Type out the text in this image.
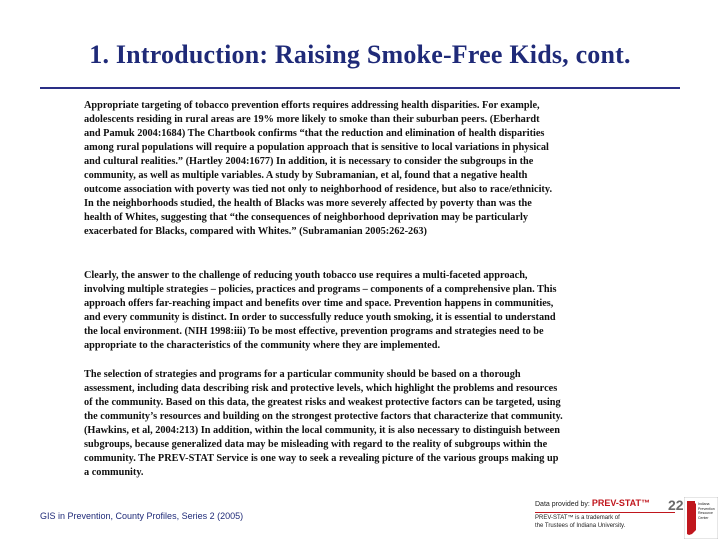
1. Introduction: Raising Smoke-Free Kids, cont.
Appropriate targeting of tobacco prevention efforts requires addressing health disparities. For example,
adolescents residing in rural areas are 19% more likely to smoke than their suburban peers. (Eberhardt
and Pamuk 2004:1684) The Chartbook confirms “that the reduction and elimination of health disparities
among rural populations will require a population approach that is sensitive to local variations in physical
and cultural realities.” (Hartley 2004:1677) In addition, it is necessary to consider the subgroups in the
community, as well as multiple variables. A study by Subramanian, et al, found that a negative health
outcome association with poverty was tied not only to neighborhood of residence, but also to race/ethnicity.
In the neighborhoods studied, the health of Blacks was more severely affected by poverty than was the
health of Whites, suggesting that “the consequences of neighborhood deprivation may be particularly
exacerbated for Blacks, compared with Whites.” (Subramanian 2005:262-263)
Clearly, the answer to the challenge of reducing youth tobacco use requires a multi-faceted approach,
involving multiple strategies – policies, practices and programs – components of a comprehensive plan. This
approach offers far-reaching impact and benefits over time and space. Prevention happens in communities,
and every community is distinct. In order to successfully reduce youth smoking, it is essential to understand
the local environment. (NIH 1998:iii) To be most effective, prevention programs and strategies need to be
appropriate to the characteristics of the community where they are implemented.
The selection of strategies and programs for a particular community should be based on a thorough
assessment, including data describing risk and protective levels, which highlight the problems and resources
of the community. Based on this data, the greatest risks and weakest protective factors can be targeted, using
the community’s resources and building on the strongest protective factors that characterize that community.
(Hawkins, et al, 2004:213) In addition, within the local community, it is also necessary to distinguish between
subgroups, because generalized data may be misleading with regard to the reality of subgroups within the
community. The PREV-STAT Service is one way to seek a revealing picture of the various groups making up
a community.
GIS in Prevention, County Profiles, Series 2 (2005)
Data provided by: PREV-STAT™
PREV-STAT™ is a trademark of
the Trustees of Indiana University.
22	Indiana
Prevention
Resource
Center
